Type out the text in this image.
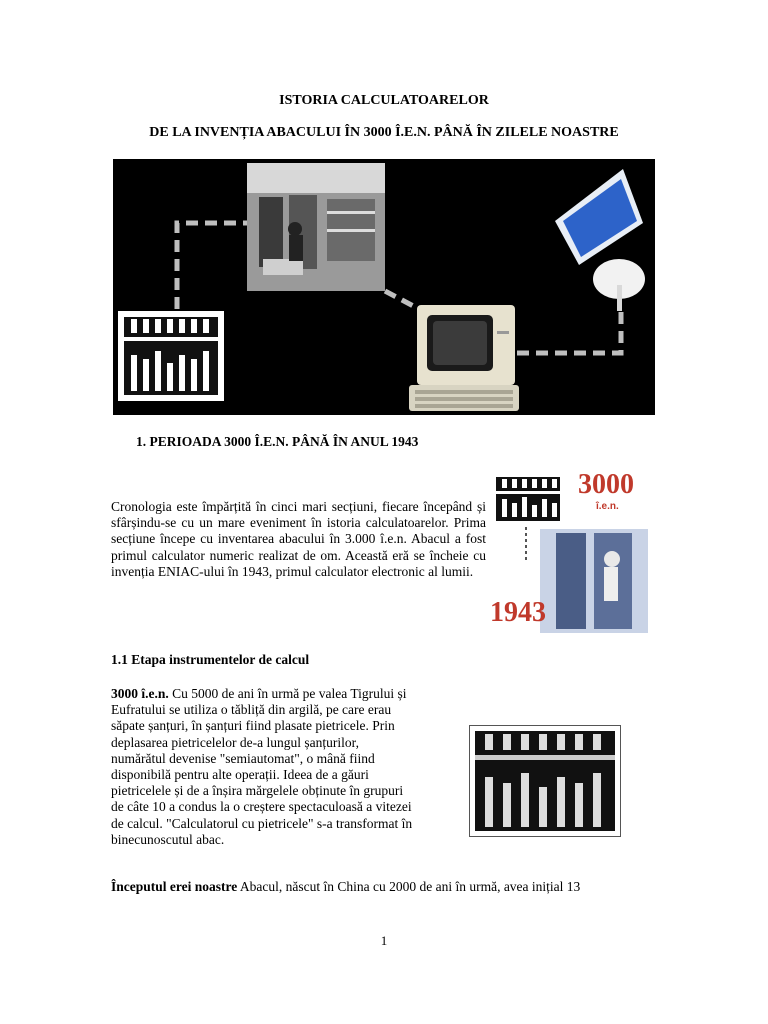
ISTORIA CALCULATOARELOR
DE LA INVENȚIA ABACULUI ÎN 3000 Î.E.N. PÂNĂ ÎN ZILELE NOASTRE
1. PERIOADA 3000 Î.E.N. PÂNĂ ÎN ANUL 1943
Cronologia este împărțită în cinci mari secțiuni, fiecare începând și sfârșindu-se cu un mare eveniment în istoria calculatoarelor. Prima secțiune începe cu inventarea abacului în 3.000 î.e.n. Abacul a fost primul calculator numeric realizat de om. Această eră se încheie cu invenția ENIAC-ului în 1943, primul calculator electronic al lumii.
3000
î.e.n.
1943
1.1 Etapa instrumentelor de calcul
3000 î.e.n. Cu 5000 de ani în urmă pe valea Tigrului și Eufratului se utiliza o tăbliță din argilă, pe care erau săpate șanțuri, în șanțuri fiind plasate pietricele. Prin deplasarea pietricelelor de-a lungul șanțurilor, numărătul devenise "semiautomat", o mână fiind disponibilă pentru alte operații. Ideea de a găuri pietricelele și de a înșira mărgelele obținute în grupuri de câte 10 a condus la o creștere spectaculoasă a vitezei de calcul. "Calculatorul cu pietricele" s-a transformat în binecunoscutul abac.
Începutul erei noastre Abacul, născut în China cu 2000 de ani în urmă, avea inițial 13
1
